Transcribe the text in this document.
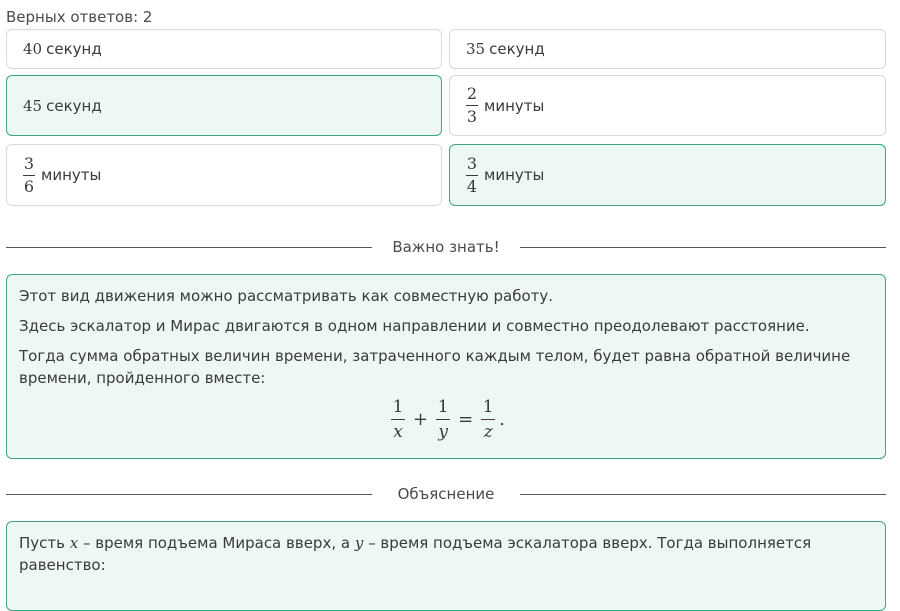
Верных ответов: 2
40 секунд	35 секунд
45 секунд	$\frac{2}{3}$ минуты
$\frac{3}{6}$ минуты	$\frac{3}{4}$ минуты
Важно знать!

Этот вид движения можно рассматривать как совместную работу.

Здесь эскалатор и Мирас двигаются в одном направлении и совместно преодолевают расстояние.

Тогда сумма обратных величин времени, затраченного каждым телом, будет равна обратной величине времени, пройденного вместе:

$\frac{1}{x} + \frac{1}{y} = \frac{1}{z}$ .
Объяснение

Пусть x – время подъема Мираса вверх, а y – время подъема эскалатора вверх. Тогда выполняется равенство:
